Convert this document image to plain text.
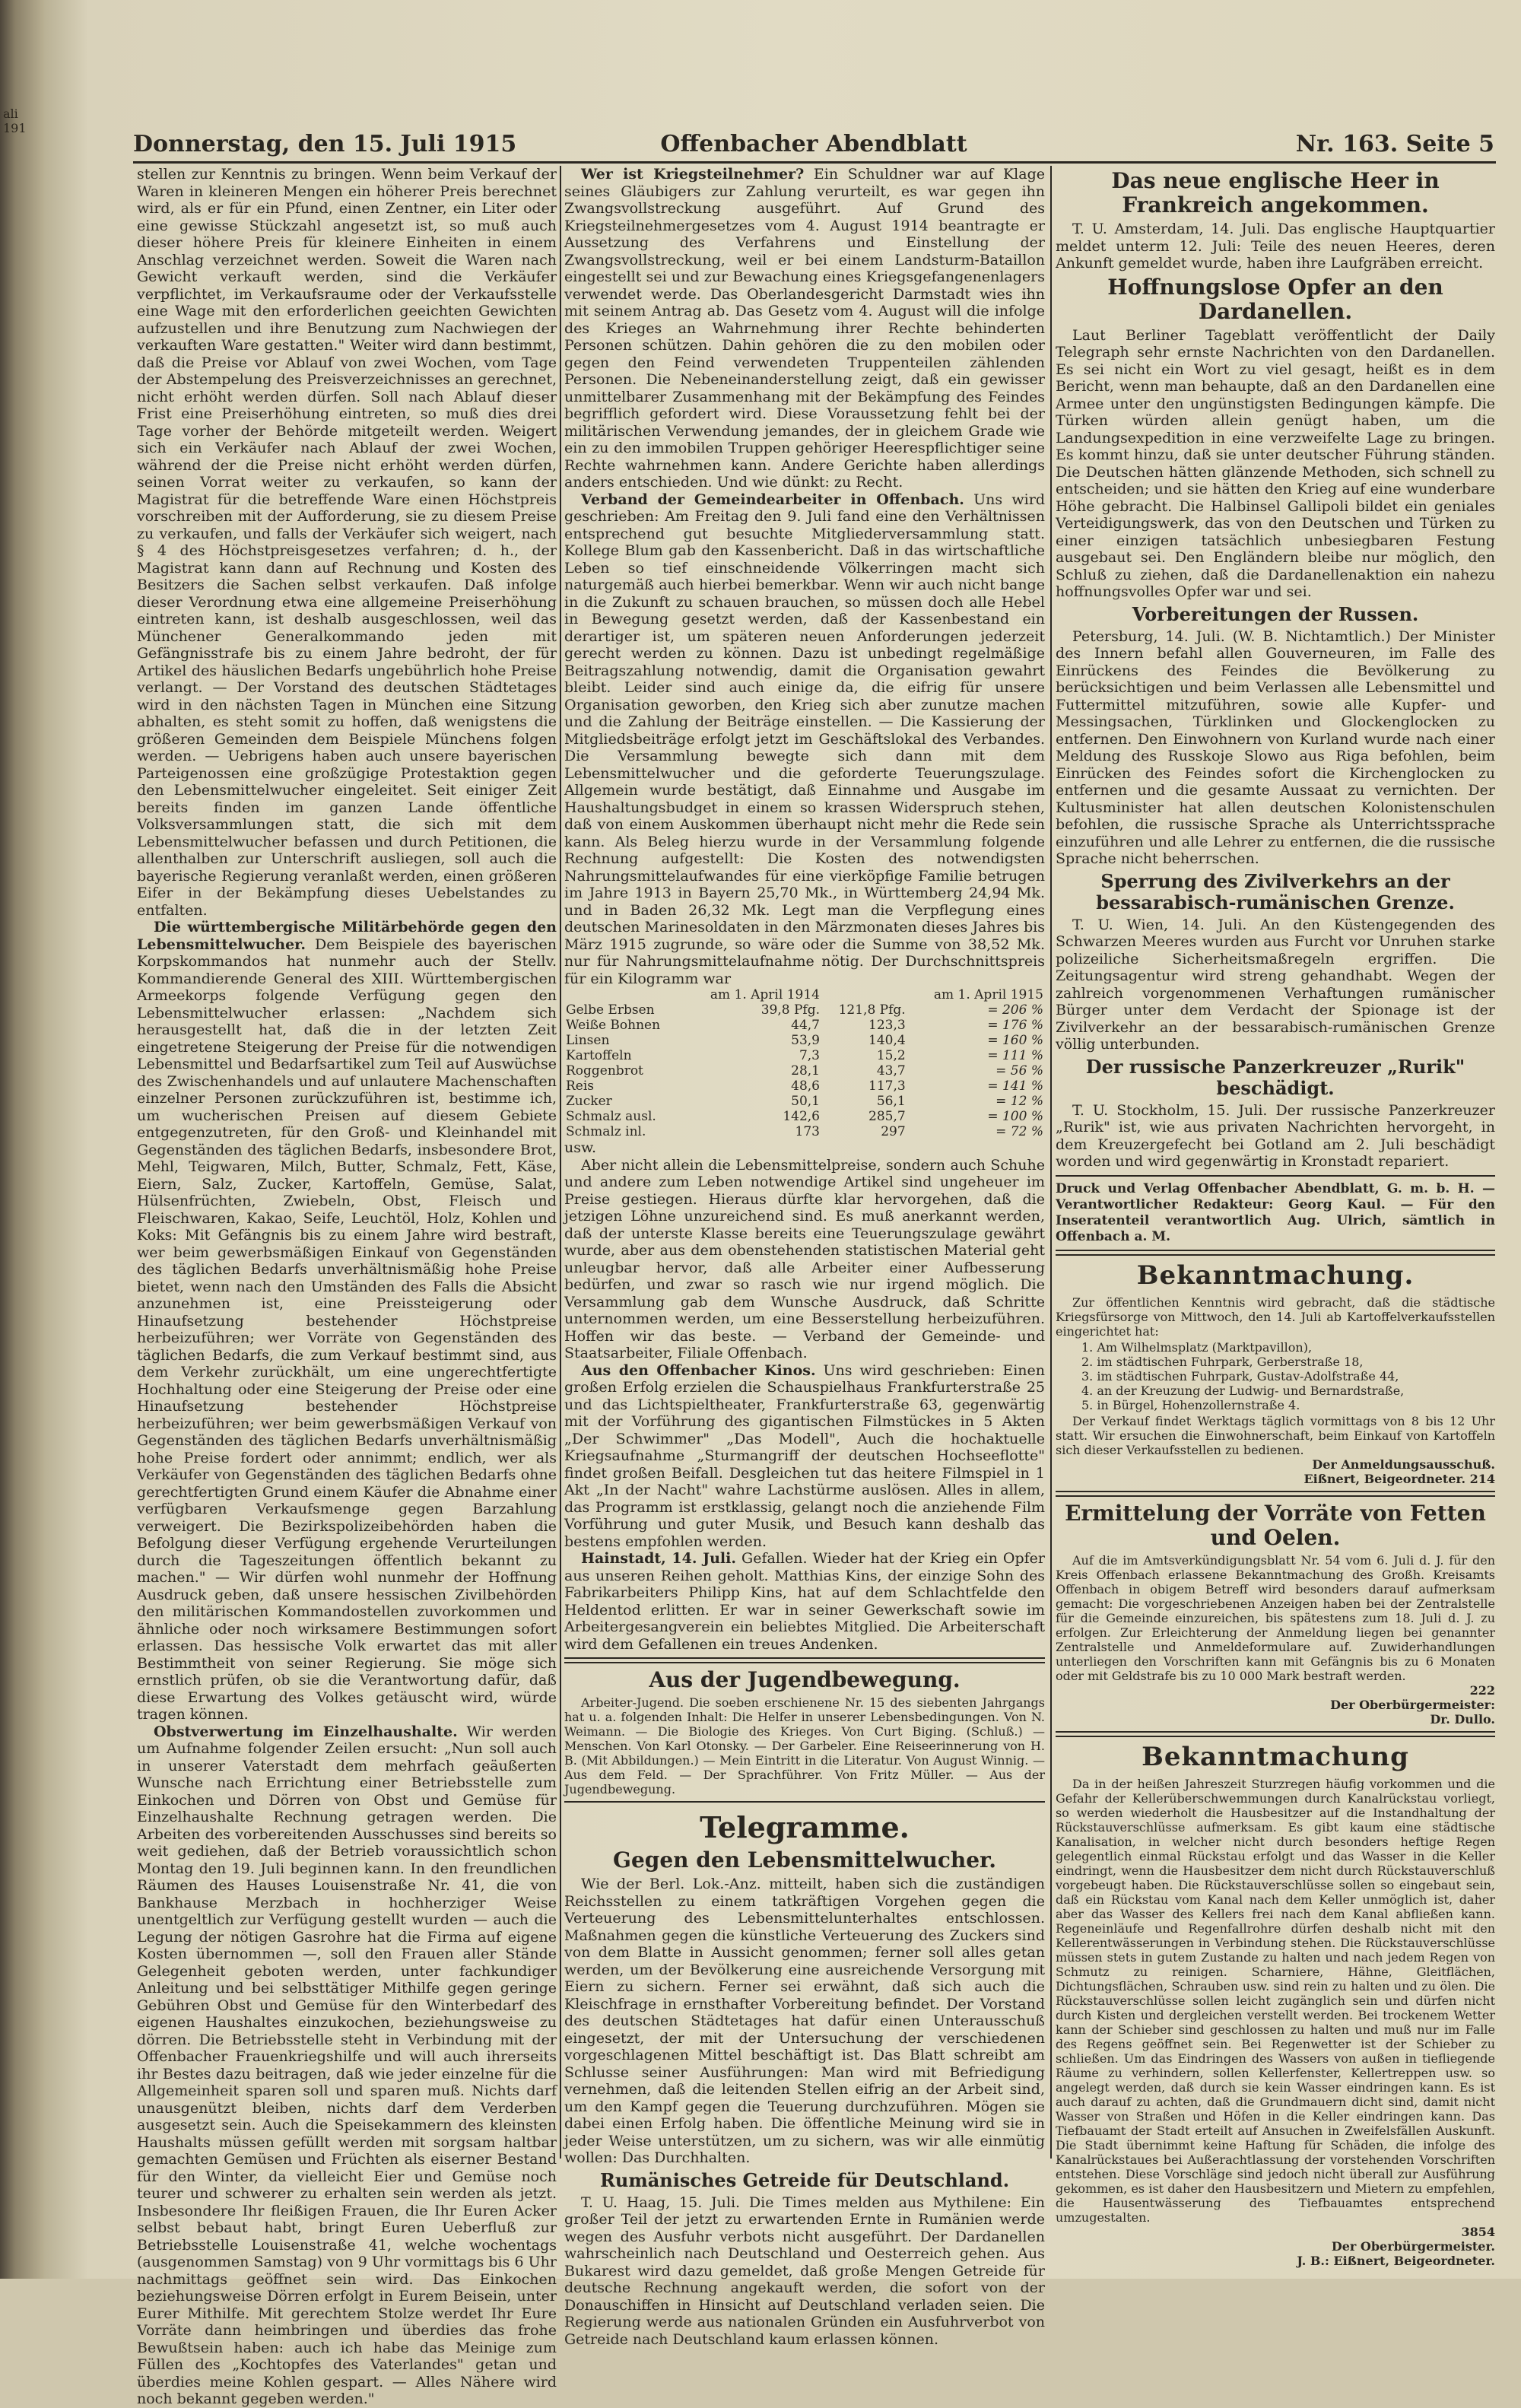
ali 191
Donnerstag, den 15. Juli 1915	Offenbacher Abendblatt	Nr. 163. Seite 5

stellen zur Kenntnis zu bringen. Wenn beim Verkauf der Waren in kleineren Mengen ein höherer Preis berechnet wird, als er für ein Pfund, einen Zentner, ein Liter oder eine gewisse Stückzahl angesetzt ist, so muß auch dieser höhere Preis für kleinere Einheiten in einem Anschlag verzeichnet werden. Soweit die Waren nach Gewicht verkauft werden, sind die Verkäufer verpflichtet, im Verkaufsraume oder der Verkaufsstelle eine Wage mit den erforderlichen geeichten Gewichten aufzustellen und ihre Benutzung zum Nachwiegen der verkauften Ware gestatten." Weiter wird dann bestimmt, daß die Preise vor Ablauf von zwei Wochen, vom Tage der Abstempelung des Preisverzeichnisses an gerechnet, nicht erhöht werden dürfen. Soll nach Ablauf dieser Frist eine Preiserhöhung eintreten, so muß dies drei Tage vorher der Behörde mitgeteilt werden. Weigert sich ein Verkäufer nach Ablauf der zwei Wochen, während der die Preise nicht erhöht werden dürfen, seinen Vorrat weiter zu verkaufen, so kann der Magistrat für die betreffende Ware einen Höchstpreis vorschreiben mit der Aufforderung, sie zu diesem Preise zu verkaufen, und falls der Verkäufer sich weigert, nach § 4 des Höchstpreisgesetzes verfahren; d. h., der Magistrat kann dann auf Rechnung und Kosten des Besitzers die Sachen selbst verkaufen. Daß infolge dieser Verordnung etwa eine allgemeine Preiserhöhung eintreten kann, ist deshalb ausgeschlossen, weil das Münchener Generalkommando jeden mit Gefängnisstrafe bis zu einem Jahre bedroht, der für Artikel des häuslichen Bedarfs ungebührlich hohe Preise verlangt. — Der Vorstand des deutschen Städtetages wird in den nächsten Tagen in München eine Sitzung abhalten, es steht somit zu hoffen, daß wenigstens die größeren Gemeinden dem Beispiele Münchens folgen werden. — Uebrigens haben auch unsere bayerischen Parteigenossen eine großzügige Protestaktion gegen den Lebensmittelwucher eingeleitet. Seit einiger Zeit bereits finden im ganzen Lande öffentliche Volksversammlungen statt, die sich mit dem Lebensmittelwucher befassen und durch Petitionen, die allenthalben zur Unterschrift ausliegen, soll auch die bayerische Regierung veranlaßt werden, einen größeren Eifer in der Bekämpfung dieses Uebelstandes zu entfalten.

Die württembergische Militärbehörde gegen den Lebensmittelwucher. Dem Beispiele des bayerischen Korpskommandos hat nunmehr auch der Stellv. Kommandierende General des XIII. Württembergischen Armeekorps folgende Verfügung gegen den Lebensmittelwucher erlassen: „Nachdem sich herausgestellt hat, daß die in der letzten Zeit eingetretene Steigerung der Preise für die notwendigen Lebensmittel und Bedarfsartikel zum Teil auf Auswüchse des Zwischenhandels und auf unlautere Machenschaften einzelner Personen zurückzuführen ist, bestimme ich, um wucherischen Preisen auf diesem Gebiete entgegenzutreten, für den Groß- und Kleinhandel mit Gegenständen des täglichen Bedarfs, insbesondere Brot, Mehl, Teigwaren, Milch, Butter, Schmalz, Fett, Käse, Eiern, Salz, Zucker, Kartoffeln, Gemüse, Salat, Hülsenfrüchten, Zwiebeln, Obst, Fleisch und Fleischwaren, Kakao, Seife, Leuchtöl, Holz, Kohlen und Koks: Mit Gefängnis bis zu einem Jahre wird bestraft, wer beim gewerbsmäßigen Einkauf von Gegenständen des täglichen Bedarfs unverhältnismäßig hohe Preise bietet, wenn nach den Umständen des Falls die Absicht anzunehmen ist, eine Preissteigerung oder Hinaufsetzung bestehender Höchstpreise herbeizuführen; wer Vorräte von Gegenständen des täglichen Bedarfs, die zum Verkauf bestimmt sind, aus dem Verkehr zurückhält, um eine ungerechtfertigte Hochhaltung oder eine Steigerung der Preise oder eine Hinaufsetzung bestehender Höchstpreise herbeizuführen; wer beim gewerbsmäßigen Verkauf von Gegenständen des täglichen Bedarfs unverhältnismäßig hohe Preise fordert oder annimmt; endlich, wer als Verkäufer von Gegenständen des täglichen Bedarfs ohne gerechtfertigten Grund einem Käufer die Abnahme einer verfügbaren Verkaufsmenge gegen Barzahlung verweigert. Die Bezirkspolizeibehörden haben die Befolgung dieser Verfügung ergehende Verurteilungen durch die Tageszeitungen öffentlich bekannt zu machen." — Wir dürfen wohl nunmehr der Hoffnung Ausdruck geben, daß unsere hessischen Zivilbehörden den militärischen Kommandostellen zuvorkommen und ähnliche oder noch wirksamere Bestimmungen sofort erlassen. Das hessische Volk erwartet das mit aller Bestimmtheit von seiner Regierung. Sie möge sich ernstlich prüfen, ob sie die Verantwortung dafür, daß diese Erwartung des Volkes getäuscht wird, würde tragen können.

Obstverwertung im Einzelhaushalte. Wir werden um Aufnahme folgender Zeilen ersucht: „Nun soll auch in unserer Vaterstadt dem mehrfach geäußerten Wunsche nach Errichtung einer Betriebsstelle zum Einkochen und Dörren von Obst und Gemüse für Einzelhaushalte Rechnung getragen werden. Die Arbeiten des vorbereitenden Ausschusses sind bereits so weit gediehen, daß der Betrieb voraussichtlich schon Montag den 19. Juli beginnen kann. In den freundlichen Räumen des Hauses Louisenstraße Nr. 41, die von Bankhause Merzbach in hochherziger Weise unentgeltlich zur Verfügung gestellt wurden — auch die Legung der nötigen Gasrohre hat die Firma auf eigene Kosten übernommen —, soll den Frauen aller Stände Gelegenheit geboten werden, unter fachkundiger Anleitung und bei selbsttätiger Mithilfe gegen geringe Gebühren Obst und Gemüse für den Winterbedarf des eigenen Haushaltes einzukochen, beziehungsweise zu dörren. Die Betriebsstelle steht in Verbindung mit der Offenbacher Frauenkriegshilfe und will auch ihrerseits ihr Bestes dazu beitragen, daß wie jeder einzelne für die Allgemeinheit sparen soll und sparen muß. Nichts darf unausgenützt bleiben, nichts darf dem Verderben ausgesetzt sein. Auch die Speisekammern des kleinsten Haushalts müssen gefüllt werden mit sorgsam haltbar gemachten Gemüsen und Früchten als eiserner Bestand für den Winter, da vielleicht Eier und Gemüse noch teurer und schwerer zu erhalten sein werden als jetzt. Insbesondere Ihr fleißigen Frauen, die Ihr Euren Acker selbst bebaut habt, bringt Euren Ueberfluß zur Betriebsstelle Louisenstraße 41, welche wochentags (ausgenommen Samstag) von 9 Uhr vormittags bis 6 Uhr nachmittags geöffnet sein wird. Das Einkochen beziehungsweise Dörren erfolgt in Eurem Beisein, unter Eurer Mithilfe. Mit gerechtem Stolze werdet Ihr Eure Vorräte dann heimbringen und überdies das frohe Bewußtsein haben: auch ich habe das Meinige zum Füllen des „Kochtopfes des Vaterlandes" getan und überdies meine Kohlen gespart. — Alles Nähere wird noch bekannt gegeben werden."

Wer ist Kriegsteilnehmer? Ein Schuldner war auf Klage seines Gläubigers zur Zahlung verurteilt, es war gegen ihn Zwangsvollstreckung ausgeführt. Auf Grund des Kriegsteilnehmergesetzes vom 4. August 1914 beantragte er Aussetzung des Verfahrens und Einstellung der Zwangsvollstreckung, weil er bei einem Landsturm-Bataillon eingestellt sei und zur Bewachung eines Kriegsgefangenenlagers verwendet werde. Das Oberlandesgericht Darmstadt wies ihn mit seinem Antrag ab. Das Gesetz vom 4. August will die infolge des Krieges an Wahrnehmung ihrer Rechte behinderten Personen schützen. Dahin gehören die zu den mobilen oder gegen den Feind verwendeten Truppenteilen zählenden Personen. Die Nebeneinanderstellung zeigt, daß ein gewisser unmittelbarer Zusammenhang mit der Bekämpfung des Feindes begrifflich gefordert wird. Diese Voraussetzung fehlt bei der militärischen Verwendung jemandes, der in gleichem Grade wie ein zu den immobilen Truppen gehöriger Heerespflichtiger seine Rechte wahrnehmen kann. Andere Gerichte haben allerdings anders entschieden. Und wie dünkt: zu Recht.

Verband der Gemeindearbeiter in Offenbach. Uns wird geschrieben: Am Freitag den 9. Juli fand eine den Verhältnissen entsprechend gut besuchte Mitgliederversammlung statt. Kollege Blum gab den Kassenbericht. Daß in das wirtschaftliche Leben so tief einschneidende Völkerringen macht sich naturgemäß auch hierbei bemerkbar. Wenn wir auch nicht bange in die Zukunft zu schauen brauchen, so müssen doch alle Hebel in Bewegung gesetzt werden, daß der Kassenbestand ein derartiger ist, um späteren neuen Anforderungen jederzeit gerecht werden zu können. Dazu ist unbedingt regelmäßige Beitragszahlung notwendig, damit die Organisation gewahrt bleibt. Leider sind auch einige da, die eifrig für unsere Organisation geworben, den Krieg sich aber zunutze machen und die Zahlung der Beiträge einstellen. — Die Kassierung der Mitgliedsbeiträge erfolgt jetzt im Geschäftslokal des Verbandes. Die Versammlung bewegte sich dann mit dem Lebensmittelwucher und die geforderte Teuerungszulage. Allgemein wurde bestätigt, daß Einnahme und Ausgabe im Haushaltungsbudget in einem so krassen Widerspruch stehen, daß von einem Auskommen überhaupt nicht mehr die Rede sein kann. Als Beleg hierzu wurde in der Versammlung folgende Rechnung aufgestellt: Die Kosten des notwendigsten Nahrungsmittelaufwandes für eine vierköpfige Familie betrugen im Jahre 1913 in Bayern 25,70 Mk., in Württemberg 24,94 Mk. und in Baden 26,32 Mk. Legt man die Verpflegung eines deutschen Marinesoldaten in den Märzmonaten dieses Jahres bis März 1915 zugrunde, so wäre oder die Summe von 38,52 Mk. nur für Nahrungsmittelaufnahme nötig. Der Durchschnittspreis für ein Kilogramm war

	am 1. April 1914		am 1. April 1915
Gelbe Erbsen	39,8 Pfg.	121,8 Pfg.	= 206 %
Weiße Bohnen	44,7	123,3	= 176 %
Linsen	53,9	140,4	= 160 %
Kartoffeln	7,3	15,2	= 111 %
Roggenbrot	28,1	43,7	= 56 %
Reis	48,6	117,3	= 141 %
Zucker	50,1	56,1	= 12 %
Schmalz ausl.	142,6	285,7	= 100 %
Schmalz inl.	173	297	= 72 %

usw.

Aber nicht allein die Lebensmittelpreise, sondern auch Schuhe und andere zum Leben notwendige Artikel sind ungeheuer im Preise gestiegen. Hieraus dürfte klar hervorgehen, daß die jetzigen Löhne unzureichend sind. Es muß anerkannt werden, daß der unterste Klasse bereits eine Teuerungszulage gewährt wurde, aber aus dem obenstehenden statistischen Material geht unleugbar hervor, daß alle Arbeiter einer Aufbesserung bedürfen, und zwar so rasch wie nur irgend möglich. Die Versammlung gab dem Wunsche Ausdruck, daß Schritte unternommen werden, um eine Besserstellung herbeizuführen. Hoffen wir das beste. — Verband der Gemeinde- und Staatsarbeiter, Filiale Offenbach.

Aus den Offenbacher Kinos. Uns wird geschrieben: Einen großen Erfolg erzielen die Schauspielhaus Frankfurterstraße 25 und das Lichtspieltheater, Frankfurterstraße 63, gegenwärtig mit der Vorführung des gigantischen Filmstückes in 5 Akten „Der Schwimmer" „Das Modell", Auch die hochaktuelle Kriegsaufnahme „Sturmangriff der deutschen Hochseeflotte" findet großen Beifall. Desgleichen tut das heitere Filmspiel in 1 Akt „In der Nacht" wahre Lachstürme auslösen. Alles in allem, das Programm ist erstklassig, gelangt noch die anziehende Film Vorführung und guter Musik, und Besuch kann deshalb das bestens empfohlen werden.

Hainstadt, 14. Juli. Gefallen. Wieder hat der Krieg ein Opfer aus unseren Reihen geholt. Matthias Kins, der einzige Sohn des Fabrikarbeiters Philipp Kins, hat auf dem Schlachtfelde den Heldentod erlitten. Er war in seiner Gewerkschaft sowie im Arbeitergesangverein ein beliebtes Mitglied. Die Arbeiterschaft wird dem Gefallenen ein treues Andenken.

Aus der Jugendbewegung.

Arbeiter-Jugend. Die soeben erschienene Nr. 15 des siebenten Jahrgangs hat u. a. folgenden Inhalt: Die Helfer in unserer Lebensbedingungen. Von N. Weimann. — Die Biologie des Krieges. Von Curt Biging. (Schluß.) — Menschen. Von Karl Otonsky. — Der Garbeler. Eine Reiseerinnerung von H. B. (Mit Abbildungen.) — Mein Eintritt in die Literatur. Von August Winnig. — Aus dem Feld. — Der Sprachführer. Von Fritz Müller. — Aus der Jugendbewegung.

Telegramme.
Gegen den Lebensmittelwucher.

Wie der Berl. Lok.-Anz. mitteilt, haben sich die zuständigen Reichsstellen zu einem tatkräftigen Vorgehen gegen die Verteuerung des Lebensmittelunterhaltes entschlossen. Maßnahmen gegen die künstliche Verteuerung des Zuckers sind von dem Blatte in Aussicht genommen; ferner soll alles getan werden, um der Bevölkerung eine ausreichende Versorgung mit Eiern zu sichern. Ferner sei erwähnt, daß sich auch die Kleischfrage in ernsthafter Vorbereitung befindet. Der Vorstand des deutschen Städtetages hat dafür einen Unterausschuß eingesetzt, der mit der Untersuchung der verschiedenen vorgeschlagenen Mittel beschäftigt ist. Das Blatt schreibt am Schlusse seiner Ausführungen: Man wird mit Befriedigung vernehmen, daß die leitenden Stellen eifrig an der Arbeit sind, um den Kampf gegen die Teuerung durchzuführen. Mögen sie dabei einen Erfolg haben. Die öffentliche Meinung wird sie in jeder Weise unterstützen, um zu sichern, was wir alle einmütig wollen: Das Durchhalten.

Rumänisches Getreide für Deutschland.

T. U. Haag, 15. Juli. Die Times melden aus Mythilene: Ein großer Teil der jetzt zu erwartenden Ernte in Rumänien werde wegen des Ausfuhr verbots nicht ausgeführt. Der Dardanellen wahrscheinlich nach Deutschland und Oesterreich gehen. Aus Bukarest wird dazu gemeldet, daß große Mengen Getreide für deutsche Rechnung angekauft werden, die sofort von der Donauschiffen in Hinsicht auf Deutschland verladen seien. Die Regierung werde aus nationalen Gründen ein Ausfuhrverbot von Getreide nach Deutschland kaum erlassen können.

Das neue englische Heer in Frankreich angekommen.

T. U. Amsterdam, 14. Juli. Das englische Hauptquartier meldet unterm 12. Juli: Teile des neuen Heeres, deren Ankunft gemeldet wurde, haben ihre Laufgräben erreicht.

Hoffnungslose Opfer an den Dardanellen.

Laut Berliner Tageblatt veröffentlicht der Daily Telegraph sehr ernste Nachrichten von den Dardanellen. Es sei nicht ein Wort zu viel gesagt, heißt es in dem Bericht, wenn man behaupte, daß an den Dardanellen eine Armee unter den ungünstigsten Bedingungen kämpfe. Die Türken würden allein genügt haben, um die Landungsexpedition in eine verzweifelte Lage zu bringen. Es kommt hinzu, daß sie unter deutscher Führung ständen. Die Deutschen hätten glänzende Methoden, sich schnell zu entscheiden; und sie hätten den Krieg auf eine wunderbare Höhe gebracht. Die Halbinsel Gallipoli bildet ein geniales Verteidigungswerk, das von den Deutschen und Türken zu einer einzigen tatsächlich unbesiegbaren Festung ausgebaut sei. Den Engländern bleibe nur möglich, den Schluß zu ziehen, daß die Dardanellenaktion ein nahezu hoffnungsvolles Opfer war und sei.

Vorbereitungen der Russen.

Petersburg, 14. Juli. (W. B. Nichtamtlich.) Der Minister des Innern befahl allen Gouverneuren, im Falle des Einrückens des Feindes die Bevölkerung zu berücksichtigen und beim Verlassen alle Lebensmittel und Futtermittel mitzuführen, sowie alle Kupfer- und Messingsachen, Türklinken und Glockenglocken zu entfernen. Den Einwohnern von Kurland wurde nach einer Meldung des Russkoje Slowo aus Riga befohlen, beim Einrücken des Feindes sofort die Kirchenglocken zu entfernen und die gesamte Aussaat zu vernichten. Der Kultusminister hat allen deutschen Kolonistenschulen befohlen, die russische Sprache als Unterrichtssprache einzuführen und alle Lehrer zu entfernen, die die russische Sprache nicht beherrschen.

Sperrung des Zivilverkehrs an der bessarabisch-rumänischen Grenze.

T. U. Wien, 14. Juli. An den Küstengegenden des Schwarzen Meeres wurden aus Furcht vor Unruhen starke polizeiliche Sicherheitsmaßregeln ergriffen. Die Zeitungsagentur wird streng gehandhabt. Wegen der zahlreich vorgenommenen Verhaftungen rumänischer Bürger unter dem Verdacht der Spionage ist der Zivilverkehr an der bessarabisch-rumänischen Grenze völlig unterbunden.

Der russische Panzerkreuzer „Rurik" beschädigt.

T. U. Stockholm, 15. Juli. Der russische Panzerkreuzer „Rurik" ist, wie aus privaten Nachrichten hervorgeht, in dem Kreuzergefecht bei Gotland am 2. Juli beschädigt worden und wird gegenwärtig in Kronstadt repariert.

Druck und Verlag Offenbacher Abendblatt, G. m. b. H. — Verantwortlicher Redakteur: Georg Kaul. — Für den Inseratenteil verantwortlich Aug. Ulrich, sämtlich in Offenbach a. M.

Bekanntmachung.

Zur öffentlichen Kenntnis wird gebracht, daß die städtische Kriegsfürsorge von Mittwoch, den 14. Juli ab Kartoffelverkaufsstellen eingerichtet hat:

1. Am Wilhelmsplatz (Marktpavillon),
2. im städtischen Fuhrpark, Gerberstraße 18,
3. im städtischen Fuhrpark, Gustav-Adolfstraße 44,
4. an der Kreuzung der Ludwig- und Bernardstraße,
5. in Bürgel, Hohenzollernstraße 4.

Der Verkauf findet Werktags täglich vormittags von 8 bis 12 Uhr statt. Wir ersuchen die Einwohnerschaft, beim Einkauf von Kartoffeln sich dieser Verkaufsstellen zu bedienen.

Der Anmeldungsausschuß.
Eißnert, Beigeordneter. 214
Ermittelung der Vorräte von Fetten und Oelen.

Auf die im Amtsverkündigungsblatt Nr. 54 vom 6. Juli d. J. für den Kreis Offenbach erlassene Bekanntmachung des Großh. Kreisamts Offenbach in obigem Betreff wird besonders darauf aufmerksam gemacht: Die vorgeschriebenen Anzeigen haben bei der Zentralstelle für die Gemeinde einzureichen, bis spätestens zum 18. Juli d. J. zu erfolgen. Zur Erleichterung der Anmeldung liegen bei genannter Zentralstelle und Anmeldeformulare auf. Zuwiderhandlungen unterliegen den Vorschriften kann mit Gefängnis bis zu 6 Monaten oder mit Geldstrafe bis zu 10 000 Mark bestraft werden.

222
Der Oberbürgermeister:
Dr. Dullo.
Bekanntmachung

Da in der heißen Jahreszeit Sturzregen häufig vorkommen und die Gefahr der Kellerüberschwemmungen durch Kanalrückstau vorliegt, so werden wiederholt die Hausbesitzer auf die Instandhaltung der Rückstauverschlüsse aufmerksam. Es gibt kaum eine städtische Kanalisation, in welcher nicht durch besonders heftige Regen gelegentlich einmal Rückstau erfolgt und das Wasser in die Keller eindringt, wenn die Hausbesitzer dem nicht durch Rückstauverschluß vorgebeugt haben. Die Rückstauverschlüsse sollen so eingebaut sein, daß ein Rückstau vom Kanal nach dem Keller unmöglich ist, daher aber das Wasser des Kellers frei nach dem Kanal abfließen kann. Regeneinläufe und Regenfallrohre dürfen deshalb nicht mit den Kellerentwässerungen in Verbindung stehen. Die Rückstauverschlüsse müssen stets in gutem Zustande zu halten und nach jedem Regen von Schmutz zu reinigen. Scharniere, Hähne, Gleitflächen, Dichtungsflächen, Schrauben usw. sind rein zu halten und zu ölen. Die Rückstauverschlüsse sollen leicht zugänglich sein und dürfen nicht durch Kisten und dergleichen verstellt werden. Bei trockenem Wetter kann der Schieber sind geschlossen zu halten und muß nur im Falle des Regens geöffnet sein. Bei Regenwetter ist der Schieber zu schließen. Um das Eindringen des Wassers von außen in tiefliegende Räume zu verhindern, sollen Kellerfenster, Kellertreppen usw. so angelegt werden, daß durch sie kein Wasser eindringen kann. Es ist auch darauf zu achten, daß die Grundmauern dicht sind, damit nicht Wasser von Straßen und Höfen in die Keller eindringen kann. Das Tiefbauamt der Stadt erteilt auf Ansuchen in Zweifelsfällen Auskunft. Die Stadt übernimmt keine Haftung für Schäden, die infolge des Kanalrückstaues bei Außerachtlassung der vorstehenden Vorschriften entstehen. Diese Vorschläge sind jedoch nicht überall zur Ausführung gekommen, es ist daher den Hausbesitzern und Mietern zu empfehlen, die Hausentwässerung des Tiefbauamtes entsprechend umzugestalten.

3854
Der Oberbürgermeister.
J. B.: Eißnert, Beigeordneter.
